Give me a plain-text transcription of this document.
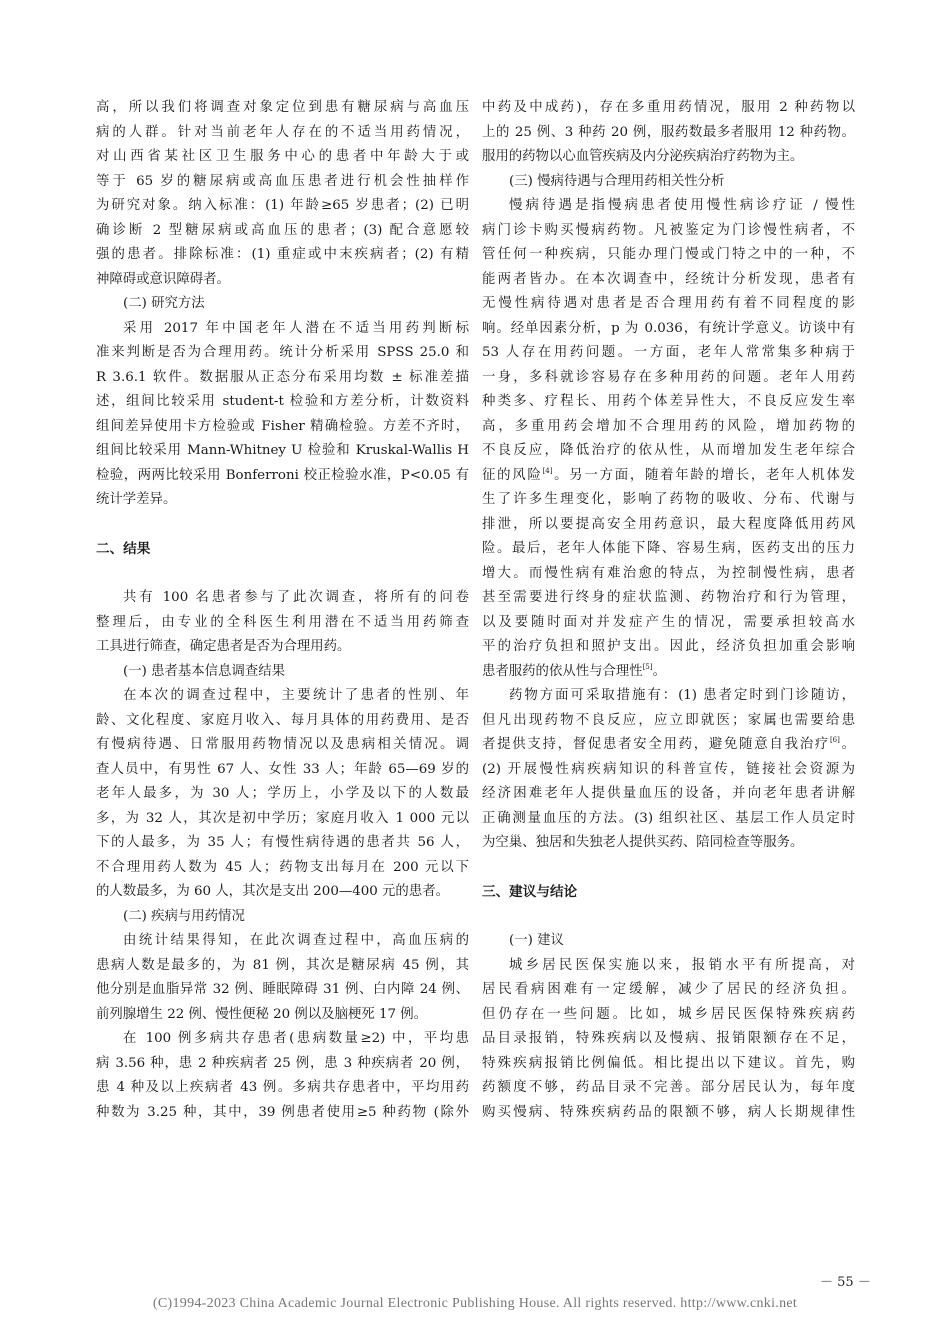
高，所以我们将调查对象定位到患有糖尿病与高血压
病的人群。针对当前老年人存在的不适当用药情况，
对山西省某社区卫生服务中心的患者中年龄大于或
等于 65 岁的糖尿病或高血压患者进行机会性抽样作
为研究对象。纳入标准：(1) 年龄≥65 岁患者；(2) 已明
确诊断 2 型糖尿病或高血压的患者；(3) 配合意愿较
强的患者。排除标准：(1) 重症或中末疾病者；(2) 有精
神障碍或意识障碍者。
(二) 研究方法
采用 2017 年中国老年人潜在不适当用药判断标
准来判断是否为合理用药。统计分析采用 SPSS 25.0 和
R 3.6.1 软件。数据服从正态分布采用均数 ± 标准差描
述，组间比较采用 student-t 检验和方差分析，计数资料
组间差异使用卡方检验或 Fisher 精确检验。方差不齐时，
组间比较采用 Mann-Whitney U 检验和 Kruskal-Wallis H
检验，两两比较采用 Bonferroni 校正检验水准，P<0.05 有
统计学差异。
二、结果
共有 100 名患者参与了此次调查，将所有的问卷
整理后，由专业的全科医生利用潜在不适当用药筛查
工具进行筛查，确定患者是否为合理用药。
(一) 患者基本信息调查结果
在本次的调查过程中，主要统计了患者的性别、年
龄、文化程度、家庭月收入、每月具体的用药费用、是否
有慢病待遇、日常服用药物情况以及患病相关情况。调
查人员中，有男性 67 人、女性 33 人；年龄 65—69 岁的
老年人最多，为 30 人；学历上，小学及以下的人数最
多，为 32 人，其次是初中学历；家庭月收入 1 000 元以
下的人最多，为 35 人；有慢性病待遇的患者共 56 人，
不合理用药人数为 45 人；药物支出每月在 200 元以下
的人数最多，为 60 人，其次是支出 200—400 元的患者。
(二) 疾病与用药情况
由统计结果得知，在此次调查过程中，高血压病的
患病人数是最多的，为 81 例，其次是糖尿病 45 例，其
他分别是血脂异常 32 例、睡眠障碍 31 例、白内障 24 例、
前列腺增生 22 例、慢性便秘 20 例以及脑梗死 17 例。
在 100 例多病共存患者(患病数量≥2) 中，平均患
病 3.56 种，患 2 种疾病者 25 例，患 3 种疾病者 20 例，
患 4 种及以上疾病者 43 例。多病共存患者中，平均用药
种数为 3.25 种，其中，39 例患者使用≥5 种药物 (除外
中药及中成药)，存在多重用药情况，服用 2 种药物以
上的 25 例、3 种药 20 例，服药数最多者服用 12 种药物。
服用的药物以心血管疾病及内分泌疾病治疗药物为主。
(三) 慢病待遇与合理用药相关性分析
慢病待遇是指慢病患者使用慢性病诊疗证 / 慢性
病门诊卡购买慢病药物。凡被鉴定为门诊慢性病者，不
管任何一种疾病，只能办理门慢或门特之中的一种，不
能两者皆办。在本次调查中，经统计分析发现，患者有
无慢性病待遇对患者是否合理用药有着不同程度的影
响。经单因素分析，p 为 0.036，有统计学意义。访谈中有
53 人存在用药问题。一方面，老年人常常集多种病于
一身，多科就诊容易存在多种用药的问题。老年人用药
种类多、疗程长、用药个体差异性大，不良反应发生率
高，多重用药会增加不合理用药的风险，增加药物的
不良反应，降低治疗的依从性，从而增加发生老年综合
征的风险[4]。另一方面，随着年龄的增长，老年人机体发
生了许多生理变化，影响了药物的吸收、分布、代谢与
排泄，所以要提高安全用药意识，最大程度降低用药风
险。最后，老年人体能下降、容易生病，医药支出的压力
增大。而慢性病有难治愈的特点，为控制慢性病，患者
甚至需要进行终身的症状监测、药物治疗和行为管理，
以及要随时面对并发症产生的情况，需要承担较高水
平的治疗负担和照护支出。因此，经济负担加重会影响
患者服药的依从性与合理性[5]。
药物方面可采取措施有：(1) 患者定时到门诊随访，
但凡出现药物不良反应，应立即就医；家属也需要给患
者提供支持，督促患者安全用药，避免随意自我治疗[6]。
(2) 开展慢性病疾病知识的科普宣传，链接社会资源为
经济困难老年人提供量血压的设备，并向老年患者讲解
正确测量血压的方法。(3) 组织社区、基层工作人员定时
为空巢、独居和失独老人提供买药、陪同检查等服务。
三、建议与结论
(一) 建议
城乡居民医保实施以来，报销水平有所提高，对
居民看病困难有一定缓解，减少了居民的经济负担。
但仍存在一些问题。比如，城乡居民医保特殊疾病药
品目录报销，特殊疾病以及慢病、报销限额存在不足，
特殊疾病报销比例偏低。相比提出以下建议。首先，购
药额度不够，药品目录不完善。部分居民认为，每年度
购买慢病、特殊疾病药品的限额不够，病人长期规律性
－ 55 －
(C)1994-2023 China Academic Journal Electronic Publishing House. All rights reserved. http://www.cnki.net
